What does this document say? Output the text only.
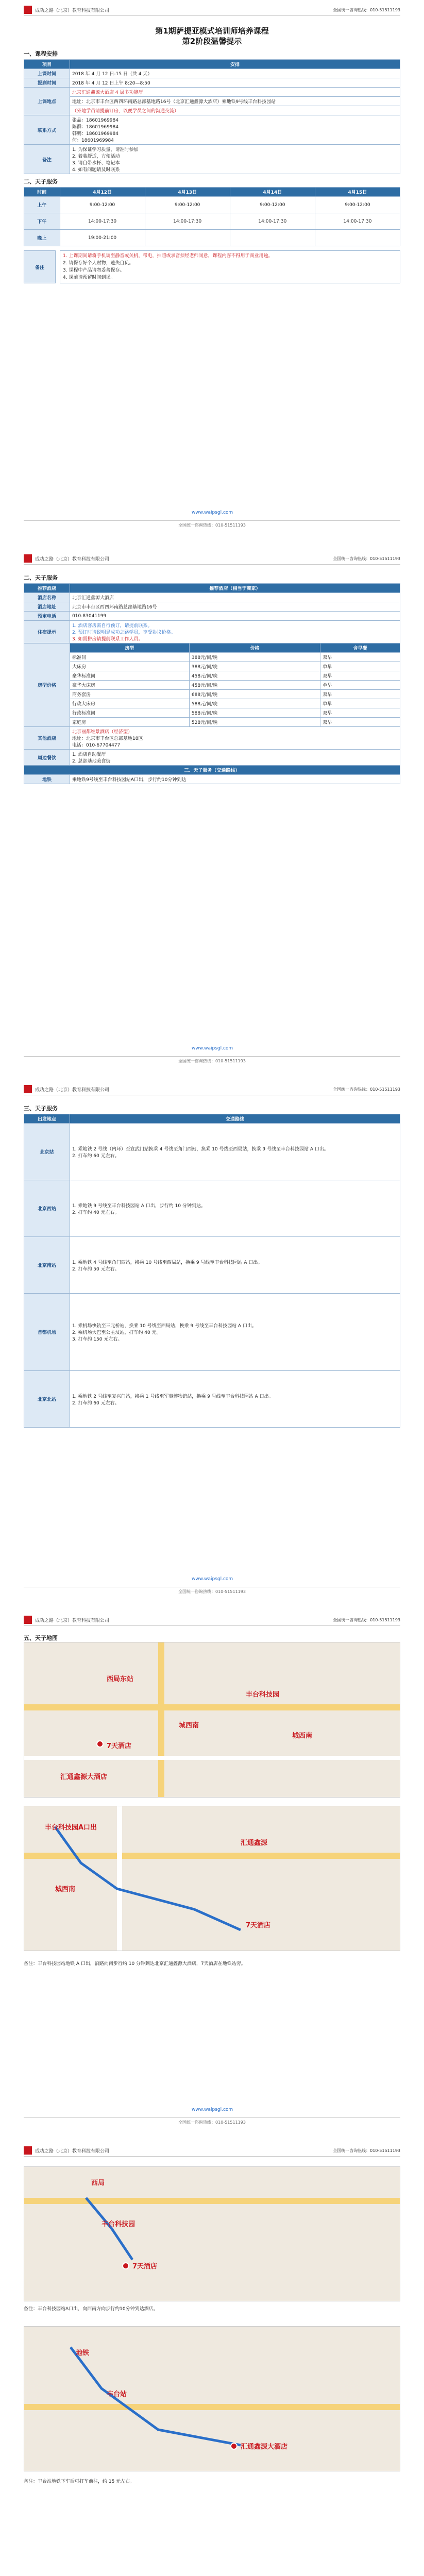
成功之路（北京）教育科技有限公司	全国统一咨询热线：010-51511193
第1期萨提亚模式培训师培养课程
第2阶段温馨提示
一、课程安排
项目	安排
上课时间	2018 年 4 月 12 日-15 日（共 4 天）
报到时间	2018 年 4 月 12 日上午 8:20—8:50
上课地点	北京汇通鑫源大酒店 4 层多功能厅
	地址：北京市丰台区西四环南路总部基地路16号（北京汇通鑫源大酒店）乘地铁9号线丰台科技园站
	（外地学员请提前订房，以便学员之间的沟通交流）
联系方式	张晶：18601969984
陈群：18601969984
韩鹏：18601969984
何：18601969984

备注	1. 为保证学习质量，请准时参加
2. 着装舒适，方便活动
3. 请自带水杯、笔记本
4. 如有问题请及时联系
二、天子服务
时间	4月12日	4月13日	4月14日	4月15日
上午	9:00-12:00	9:00-12:00	9:00-12:00	9:00-12:00
下午	14:00-17:30	14:00-17:30	14:00-17:30	14:00-17:30
晚上	19:00-21:00			
备注
1. 上课期间请将手机调至静音或关机，带电，拍照或录音须经老师同意，课程内容不得用于商业用途。
2. 请保存好个人财物，遗失自负。
3. 课程中产品请勿妥善保存。
4. 课前请预留时间到场。
www.waipsgl.com
全国统一咨询热线：010-51511193
成功之路（北京）教育科技有限公司	全国统一咨询热线：010-51511193
二、天子服务
推荐酒店	推荐酒店（相当于商家）		
酒店名称	北京汇通鑫源大酒店		
酒店地址	北京市丰台区西四环南路总部基地路16号		
预定电话	010-83041199		
住宿提示	1. 酒店客房需自行预订，请提前联系。
2. 预订时请说明是成功之路学员，享受协议价格。
3. 如需拼房请提前联系工作人员。		

房型价格	房型	价格	含早餐
	标准间	388元/间/晚	双早
	大床房	388元/间/晚	单早
	豪华标准间	458元/间/晚	双早
	豪华大床房	458元/间/晚	单早
	商务套房	688元/间/晚	双早
	行政大床房	588元/间/晚	单早
	行政标准间	588元/间/晚	双早
	家庭房	528元/间/晚	双早
其他酒店	北京丽都维景酒店（经济型）
地址：北京市丰台区总部基地18区
电话：010-67704477		

周边餐饮	1. 酒店自助餐厅
2. 总部基地美食街		

三、天子服务（交通路线）			
地铁	乘地铁9号线至丰台科技园站A口出，步行约10分钟到达		
www.waipsgl.com
全国统一咨询热线：010-51511193
成功之路（北京）教育科技有限公司	全国统一咨询热线：010-51511193
三、天子服务
出发地点	交通路线
北京站	1. 乘地铁 2 号线（内环）至宣武门站换乘 4 号线至角门西站，换乘 10 号线至西局站，换乘 9 号线至丰台科技园站 A 口出。
2. 打车约 60 元左右。

北京西站	1. 乘地铁 9 号线至丰台科技园站 A 口出，步行约 10 分钟到达。
2. 打车约 40 元左右。

北京南站	1. 乘地铁 4 号线至角门西站，换乘 10 号线至西局站，换乘 9 号线至丰台科技园站 A 口出。
2. 打车约 50 元左右。

首都机场	1. 乘机场快轨至三元桥站，换乘 10 号线至西局站，换乘 9 号线至丰台科技园站 A 口出。
2. 乘机场大巴至公主坟站，打车约 40 元。
3. 打车约 150 元左右。

北京北站	1. 乘地铁 2 号线至复兴门站，换乘 1 号线至军事博物馆站，换乘 9 号线至丰台科技园站 A 口出。
2. 打车约 60 元左右。
www.waipsgl.com
全国统一咨询热线：010-51511193
成功之路（北京）教育科技有限公司	全国统一咨询热线：010-51511193
五、天子地图
西局东站
丰台科技园
城西南
城西南
汇通鑫源大酒店
7天酒店
丰台科技园A口出
汇通鑫源
城西南
7天酒店
备注：丰台科技园站地铁 A 口出，沿路向南步行约 10 分钟到达北京汇通鑫源大酒店，7天酒店在地铁站旁。
www.waipsgl.com
全国统一咨询热线：010-51511193
成功之路（北京）教育科技有限公司	全国统一咨询热线：010-51511193
西局
丰台科技园
7天酒店
备注：丰台科技园站A口出，向西南方向步行约10分钟到达酒店。
地铁
丰台站
汇通鑫源大酒店
备注：丰台站地铁下车后可打车前往，约 15 元左右。
